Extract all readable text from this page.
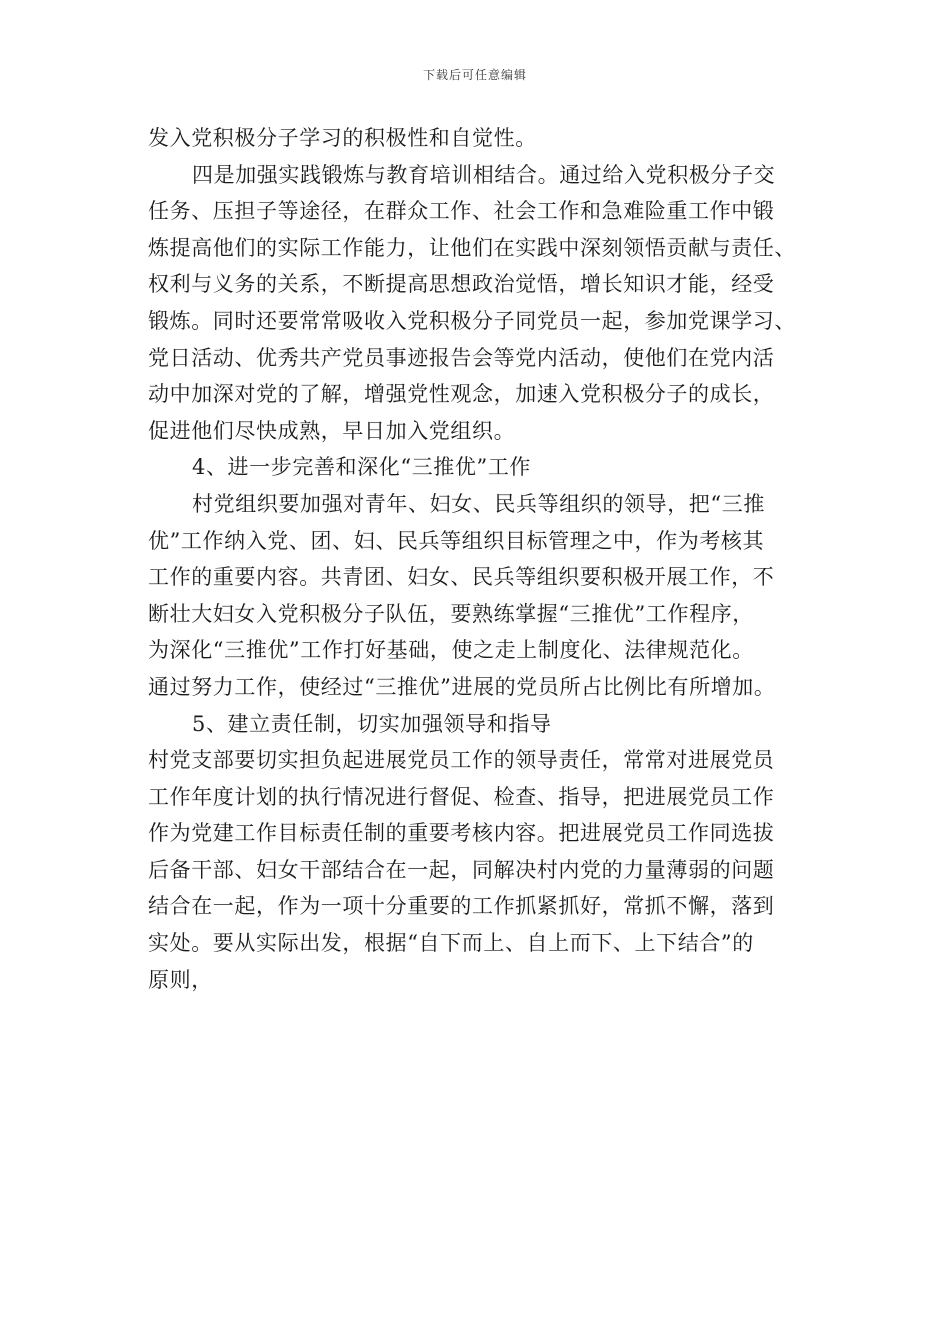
下载后可任意编辑
发入党积极分子学习的积极性和自觉性。
四是加强实践锻炼与教育培训相结合。通过给入党积极分子交
任务、压担子等途径，在群众工作、社会工作和急难险重工作中锻
炼提高他们的实际工作能力，让他们在实践中深刻领悟贡献与责任、
权利与义务的关系，不断提高思想政治觉悟，增长知识才能，经受
锻炼。同时还要常常吸收入党积极分子同党员一起，参加党课学习、
党日活动、优秀共产党员事迹报告会等党内活动，使他们在党内活
动中加深对党的了解，增强党性观念，加速入党积极分子的成长，
促进他们尽快成熟，早日加入党组织。
4、进一步完善和深化“三推优”工作
村党组织要加强对青年、妇女、民兵等组织的领导，把“三推
优”工作纳入党、团、妇、民兵等组织目标管理之中，作为考核其
工作的重要内容。共青团、妇女、民兵等组织要积极开展工作，不
断壮大妇女入党积极分子队伍，要熟练掌握“三推优”工作程序，
为深化“三推优”工作打好基础，使之走上制度化、法律规范化。
通过努力工作，使经过“三推优”进展的党员所占比例比有所增加。
5、建立责任制，切实加强领导和指导
村党支部要切实担负起进展党员工作的领导责任，常常对进展党员
工作年度计划的执行情况进行督促、检查、指导，把进展党员工作
作为党建工作目标责任制的重要考核内容。把进展党员工作同选拔
后备干部、妇女干部结合在一起，同解决村内党的力量薄弱的问题
结合在一起，作为一项十分重要的工作抓紧抓好，常抓不懈，落到
实处。要从实际出发，根据“自下而上、自上而下、上下结合”的
原则，
